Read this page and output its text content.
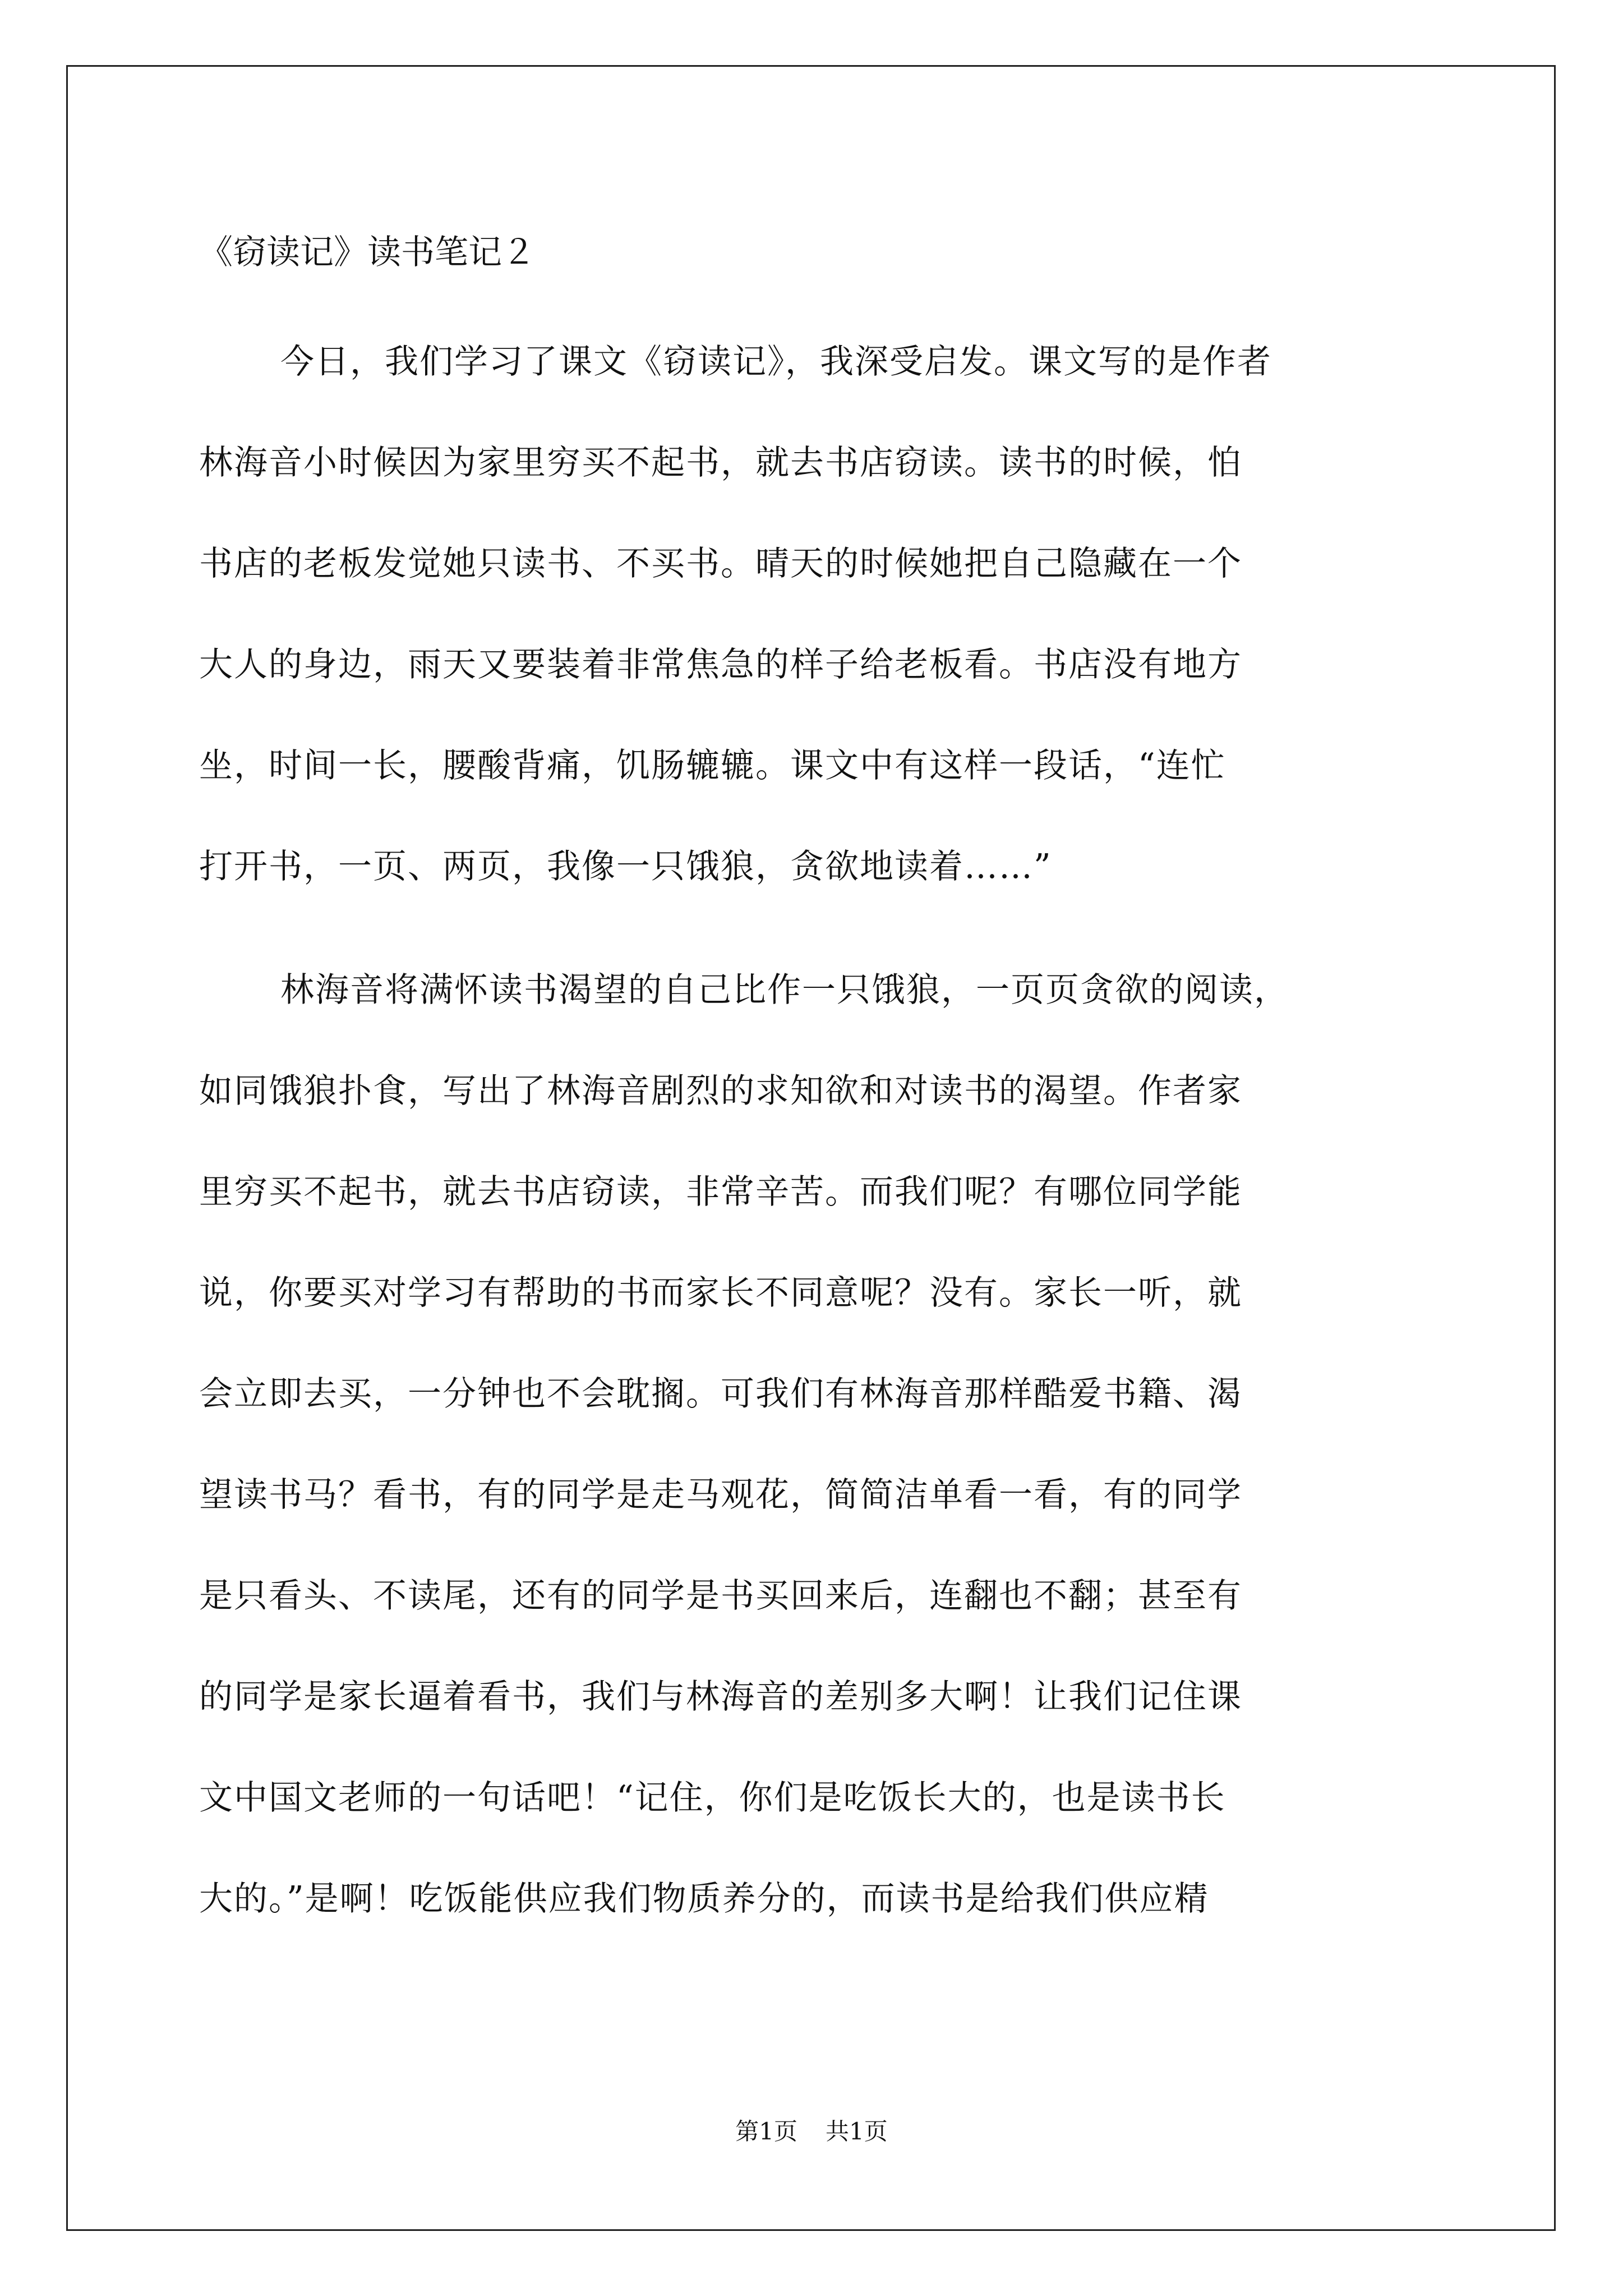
《窃读记》读书笔记２
今日，我们学习了课文《窃读记》，我深受启发。课文写的是作者
林海音小时候因为家里穷买不起书，就去书店窃读。读书的时候，怕
书店的老板发觉她只读书、不买书。晴天的时候她把自己隐藏在一个
大人的身边，雨天又要装着非常焦急的样子给老板看。书店没有地方
坐，时间一长，腰酸背痛，饥肠辘辘。课文中有这样一段话，“连忙
打开书，一页、两页，我像一只饿狼，贪欲地读着……”
林海音将满怀读书渴望的自己比作一只饿狼，一页页贪欲的阅读，
如同饿狼扑食，写出了林海音剧烈的求知欲和对读书的渴望。作者家
里穷买不起书，就去书店窃读，非常辛苦。而我们呢？有哪位同学能
说，你要买对学习有帮助的书而家长不同意呢？没有。家长一听，就
会立即去买，一分钟也不会耽搁。可我们有林海音那样酷爱书籍、渴
望读书马？看书，有的同学是走马观花，简简洁单看一看，有的同学
是只看头、不读尾，还有的同学是书买回来后，连翻也不翻；甚至有
的同学是家长逼着看书，我们与林海音的差别多大啊！让我们记住课
文中国文老师的一句话吧！“记住，你们是吃饭长大的，也是读书长
大的。”是啊！吃饭能供应我们物质养分的，而读书是给我们供应精
第1页 共1页
